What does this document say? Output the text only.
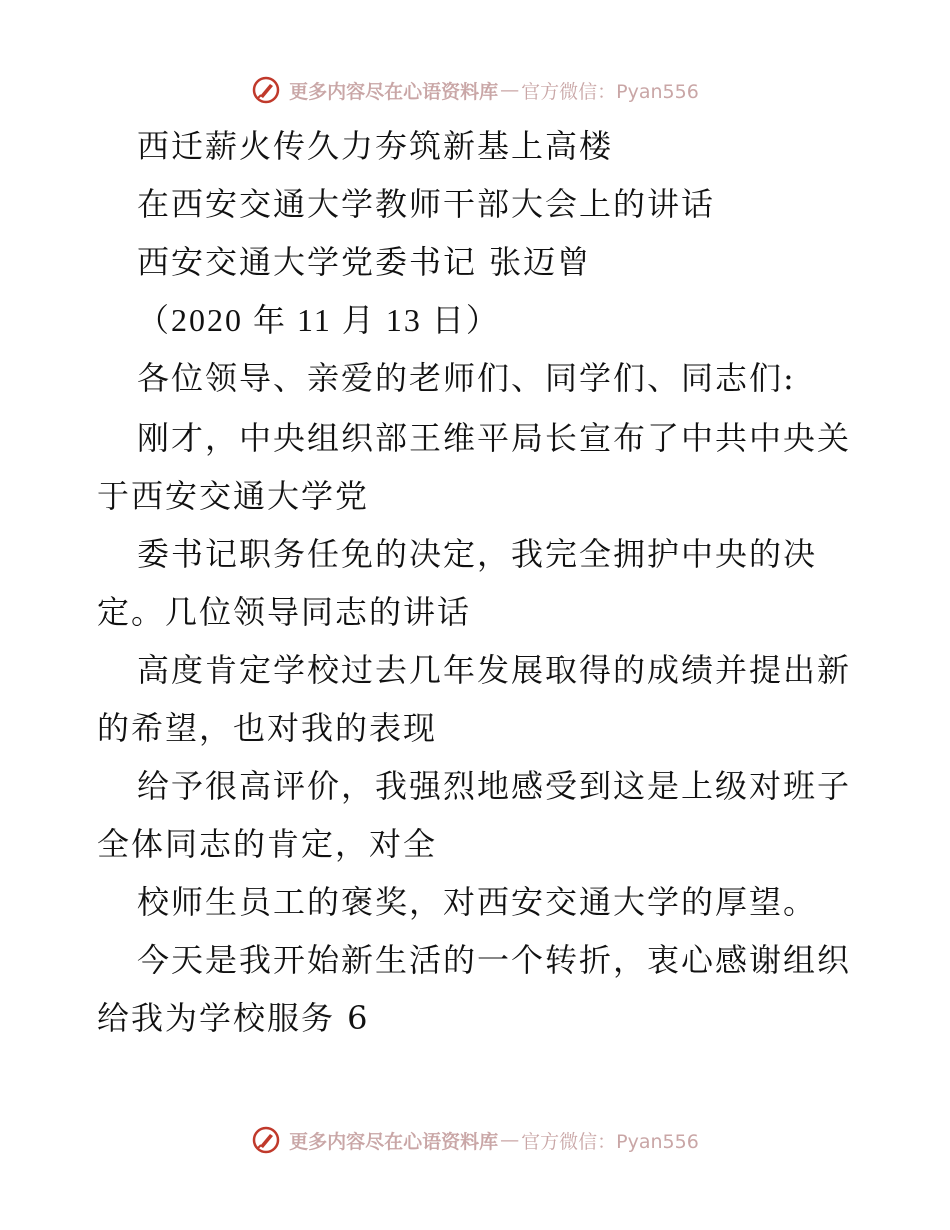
更多内容尽在心语资料库 — 官方微信：Pyan556
西迁薪火传久力夯筑新基上高楼
在西安交通大学教师干部大会上的讲话
西安交通大学党委书记 张迈曾
（2020 年 11 月 13 日）
各位领导、亲爱的老师们、同学们、同志们:
刚才，中央组织部王维平局长宣布了中共中央关
于西安交通大学党
委书记职务任免的决定，我完全拥护中央的决
定。几位领导同志的讲话
高度肯定学校过去几年发展取得的成绩并提出新
的希望，也对我的表现
给予很高评价，我强烈地感受到这是上级对班子
全体同志的肯定，对全
校师生员工的褒奖，对西安交通大学的厚望。
今天是我开始新生活的一个转折，衷心感谢组织
给我为学校服务 6
更多内容尽在心语资料库 — 官方微信：Pyan556
